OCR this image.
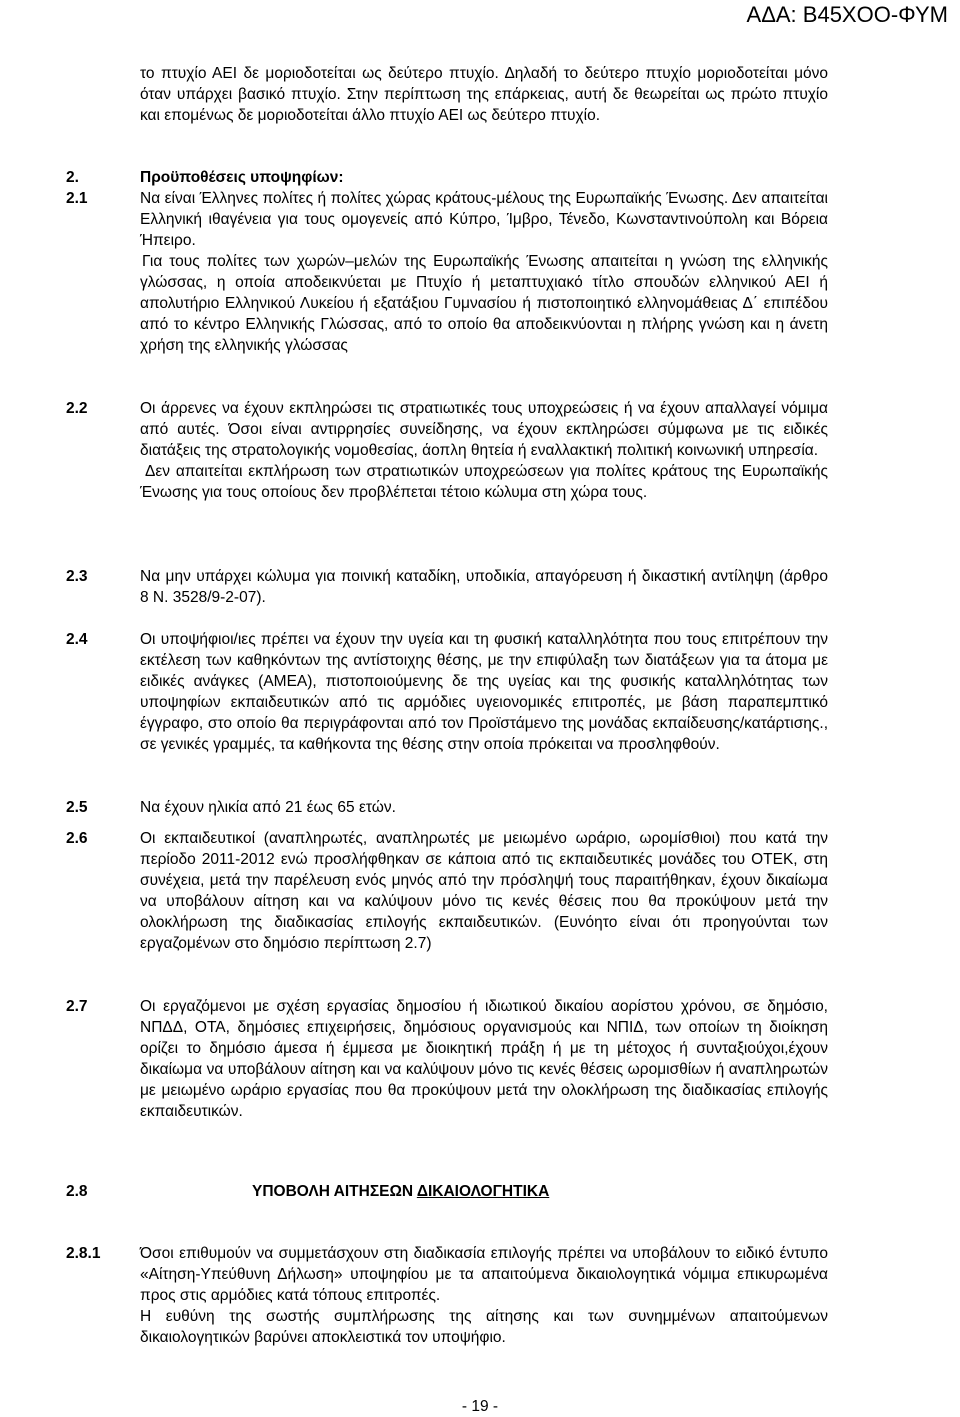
ΑΔΑ: Β45ΧΟΟ-ΦΥΜ

το πτυχίο ΑΕΙ δε μοριοδοτείται ως δεύτερο πτυχίο. Δηλαδή το δεύτερο πτυχίο μοριοδοτείται μόνο όταν υπάρχει βασικό πτυχίο. Στην περίπτωση της επάρκειας, αυτή δε θεωρείται ως πρώτο πτυχίο και επομένως δε μοριοδοτείται άλλο πτυχίο ΑΕΙ ως δεύτερο πτυχίο.

2.	Προϋποθέσεις υποψηφίων:
2.1	Να είναι Έλληνες πολίτες ή πολίτες χώρας κράτους-μέλους της Ευρωπαϊκής Ένωσης. Δεν απαιτείται Ελληνική ιθαγένεια για τους ομογενείς από Κύπρο, Ίμβρο, Τένεδο, Κωνσταντινούπολη και Βόρεια Ήπειρο.

Για τους πολίτες των χωρών–μελών της Ευρωπαϊκής Ένωσης απαιτείται η γνώση της ελληνικής γλώσσας, η οποία αποδεικνύεται με Πτυχίο ή μεταπτυχιακό τίτλο σπουδών ελληνικού ΑΕΙ ή απολυτήριο Ελληνικού Λυκείου ή εξατάξιου Γυμνασίου ή πιστοποιητικό ελληνομάθειας Δ΄ επιπέδου από το κέντρο Ελληνικής Γλώσσας, από το οποίο θα αποδεικνύονται η πλήρης γνώση και η άνετη χρήση της ελληνικής γλώσσας

2.2	Οι άρρενες να έχουν εκπληρώσει τις στρατιωτικές τους υποχρεώσεις ή να έχουν απαλλαγεί νόμιμα από αυτές. Όσοι είναι αντιρρησίες συνείδησης, να έχουν εκπληρώσει σύμφωνα με τις ειδικές διατάξεις της στρατολογικής νομοθεσίας, άοπλη θητεία ή εναλλακτική πολιτική κοινωνική υπηρεσία.

Δεν απαιτείται εκπλήρωση των στρατιωτικών υποχρεώσεων για πολίτες κράτους της Ευρωπαϊκής Ένωσης για τους οποίους δεν προβλέπεται τέτοιο κώλυμα στη χώρα τους.

2.3	Να μην υπάρχει κώλυμα για ποινική καταδίκη, υποδικία, απαγόρευση ή δικαστική αντίληψη (άρθρο 8 Ν. 3528/9-2-07).

2.4	Οι υποψήφιοι/ιες πρέπει να έχουν την υγεία και τη φυσική καταλληλότητα που τους επιτρέπουν την εκτέλεση των καθηκόντων της αντίστοιχης θέσης, με την επιφύλαξη των διατάξεων για τα άτομα με ειδικές ανάγκες (ΑΜΕΑ), πιστοποιούμενης δε της υγείας και της φυσικής καταλληλότητας των υποψηφίων εκπαιδευτικών από τις αρμόδιες υγειονομικές επιτροπές, με βάση παραπεμπτικό έγγραφο, στο οποίο θα περιγράφονται από τον Προϊστάμενο της μονάδας εκπαίδευσης/κατάρτισης., σε γενικές γραμμές, τα καθήκοντα της θέσης στην οποία πρόκειται να προσληφθούν.

2.5	Να έχουν ηλικία από 21 έως 65 ετών.

2.6	Οι εκπαιδευτικοί (αναπληρωτές, αναπληρωτές με μειωμένο ωράριο, ωρομίσθιοι) που κατά την περίοδο 2011-2012 ενώ προσλήφθηκαν σε κάποια από τις εκπαιδευτικές μονάδες του ΟΤΕΚ, στη συνέχεια, μετά την παρέλευση ενός μηνός από την πρόσληψή τους παραιτήθηκαν, έχουν δικαίωμα να υποβάλουν αίτηση και να καλύψουν μόνο τις κενές θέσεις που θα προκύψουν μετά την ολοκλήρωση της διαδικασίας επιλογής εκπαιδευτικών. (Ευνόητο είναι ότι προηγούνται των εργαζομένων στο δημόσιο περίπτωση 2.7)

2.7	Οι εργαζόμενοι με σχέση εργασίας δημοσίου ή ιδιωτικού δικαίου αορίστου χρόνου, σε δημόσιο, ΝΠΔΔ, ΟΤΑ, δημόσιες επιχειρήσεις, δημόσιους οργανισμούς και ΝΠΙΔ, των οποίων τη διοίκηση ορίζει το δημόσιο άμεσα ή έμμεσα με διοικητική πράξη ή με τη μέτοχος ή συνταξιούχοι,έχουν δικαίωμα να υποβάλουν αίτηση και να καλύψουν μόνο τις κενές θέσεις ωρομισθίων ή αναπληρωτών με μειωμένο ωράριο εργασίας που θα προκύψουν μετά την ολοκλήρωση της διαδικασίας επιλογής εκπαιδευτικών.

2.8	ΥΠΟΒΟΛΗ ΑΙΤΗΣΕΩΝ ΔΙΚΑΙΟΛΟΓΗΤΙΚΑ
2.8.1	Όσοι επιθυμούν να συμμετάσχουν στη διαδικασία επιλογής πρέπει να υποβάλουν το ειδικό έντυπο «Αίτηση-Υπεύθυνη Δήλωση» υποψηφίου με τα απαιτούμενα δικαιολογητικά νόμιμα επικυρωμένα προς στις αρμόδιες κατά τόπους επιτροπές.

Η ευθύνη της σωστής συμπλήρωσης της αίτησης και των συνημμένων απαιτούμενων δικαιολογητικών βαρύνει αποκλειστικά τον υποψήφιο.

- 19 -
